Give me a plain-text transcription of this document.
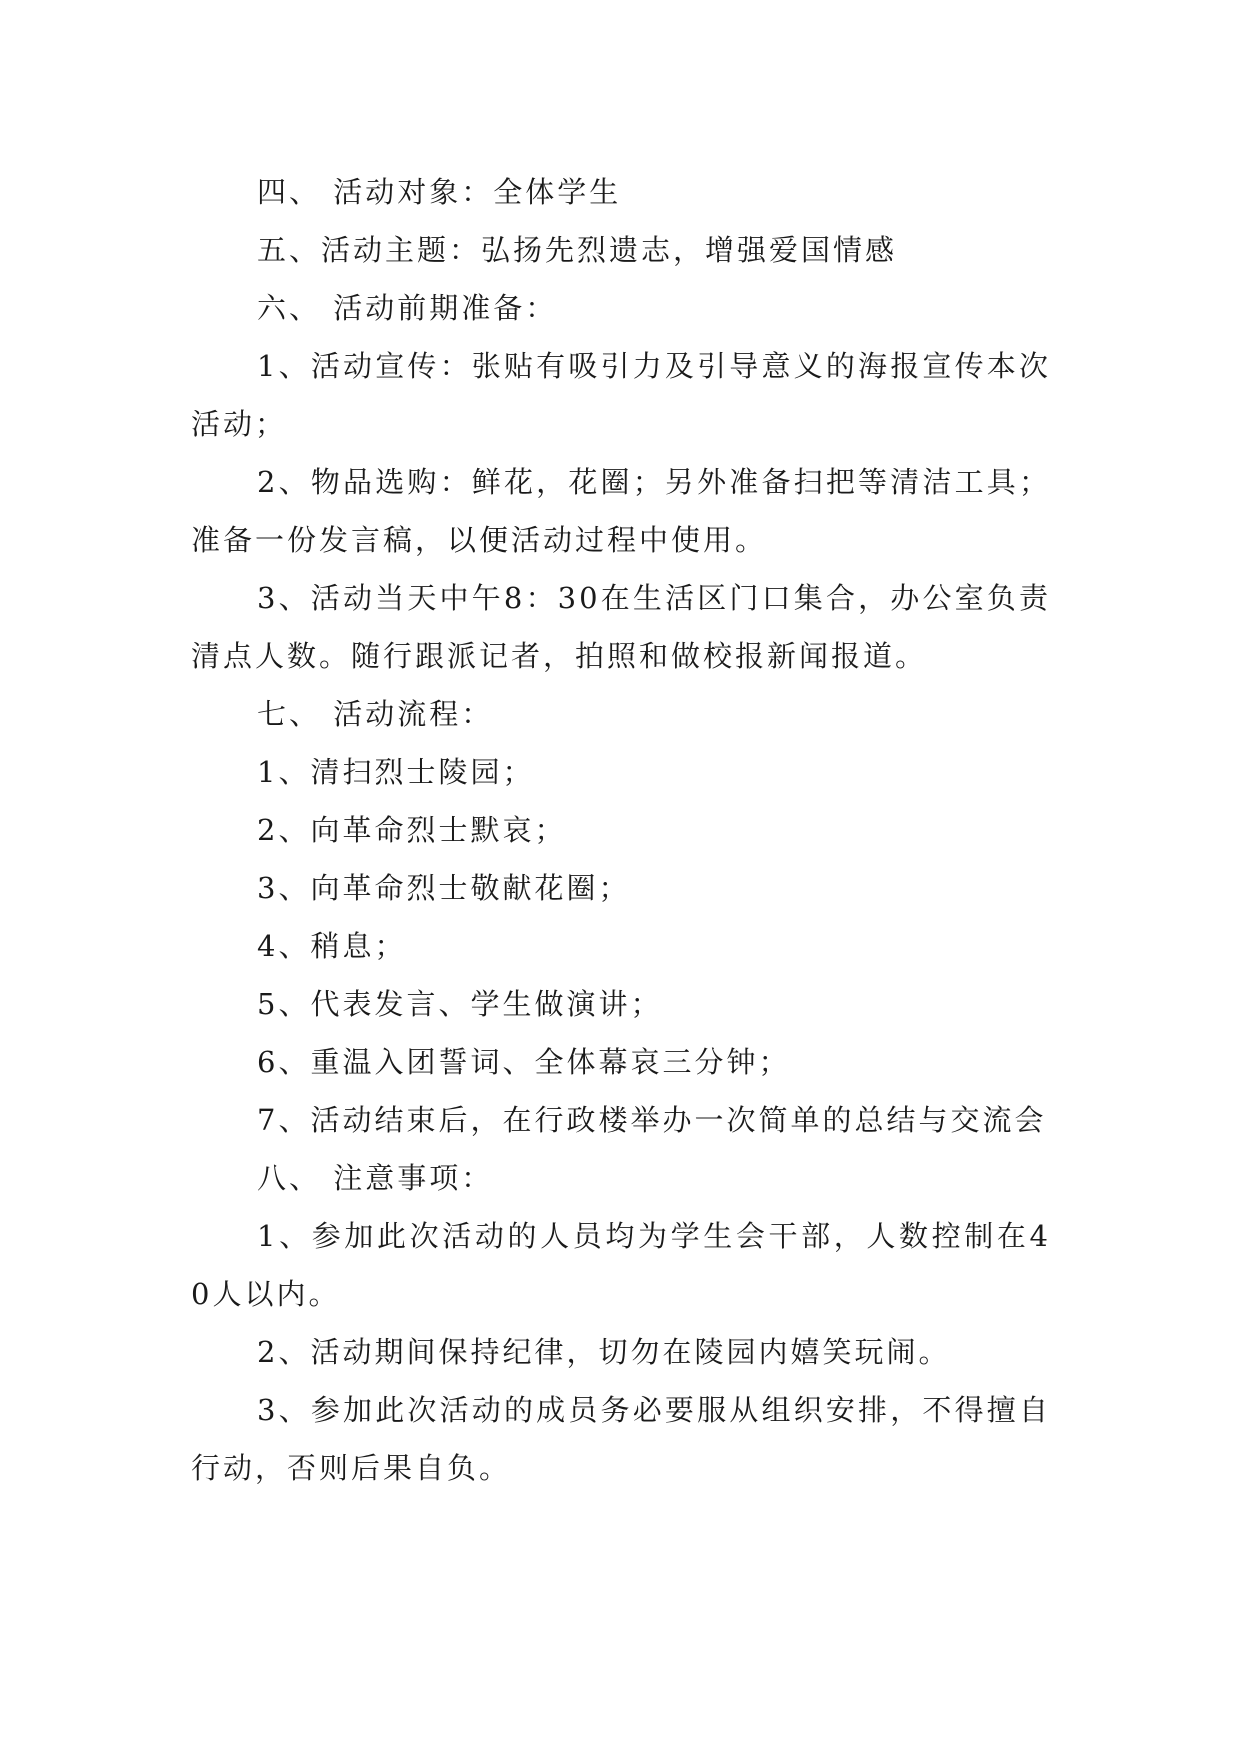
四、 活动对象：全体学生

五、活动主题：弘扬先烈遗志，增强爱国情感

六、 活动前期准备：

1、活动宣传：张贴有吸引力及引导意义的海报宣传本次活动；

2、物品选购：鲜花，花圈；另外准备扫把等清洁工具；准备一份发言稿，以便活动过程中使用。

3、活动当天中午8：30在生活区门口集合，办公室负责清点人数。随行跟派记者，拍照和做校报新闻报道。

七、 活动流程：

1、清扫烈士陵园；

2、向革命烈士默哀；

3、向革命烈士敬献花圈；

4、稍息；

5、代表发言、学生做演讲；

6、重温入团誓词、全体幕哀三分钟；

7、活动结束后，在行政楼举办一次简单的总结与交流会

八、 注意事项：

1、参加此次活动的人员均为学生会干部，人数控制在40人以内。

2、活动期间保持纪律，切勿在陵园内嬉笑玩闹。

3、参加此次活动的成员务必要服从组织安排，不得擅自行动，否则后果自负。
